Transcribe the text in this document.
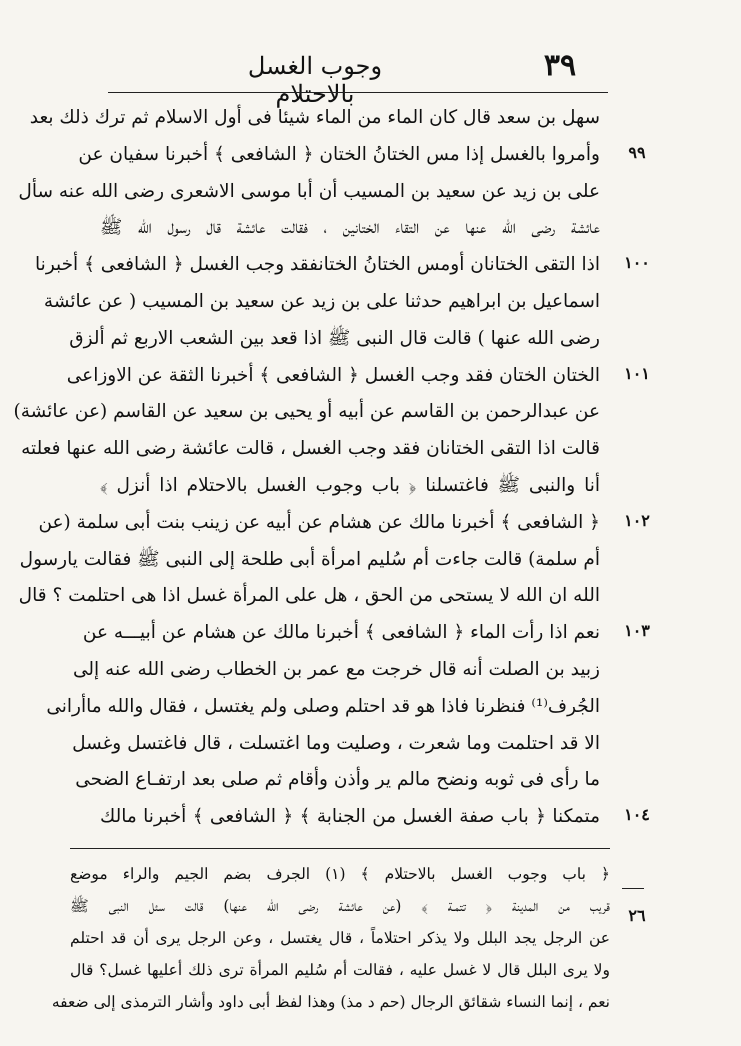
٣٩
وجوب الغسل بالاحتلام
٩٩
١٠٠
١٠١
١٠٢
١٠٣
١٠٤
سهل بن سعد قال كان الماء من الماء شيئا فى أول الاسلام ثم ترك ذلك بعد
وأمروا بالغسل إذا مس الختانُ الختان ﴿ الشافعى ﴾ أخبرنا سفيان عن
على بن زيد عن سعيد بن المسيب أن أبا موسى الاشعرى رضى الله عنه سأل
عائشة رضى الله عنها عن التقاء الختانين ، فقالت عائشة قال رسول الله ﷺ
اذا التقى الختانان أومس الختانُ الختانفقد وجب الغسل ﴿ الشافعى ﴾ أخبرنا
اسماعيل بن ابراهيم حدثنا على بن زيد عن سعيد بن المسيب ( عن عائشة
رضى الله عنها ) قالت قال النبى ﷺ اذا قعد بين الشعب الاربع ثم ألزق
الختان الختان فقد وجب الغسل ﴿ الشافعى ﴾ أخبرنا الثقة عن الاوزاعى
عن عبدالرحمن بن القاسم عن أبيه أو يحيى بن سعيد عن القاسم (عن عائشة)
قالت اذا التقى الختانان فقد وجب الغسل ، قالت عائشة رضى الله عنها فعلته
أنا والنبى ﷺ فاغتسلنا ﴿ باب وجوب الغسل بالاحتلام اذا أنزل ﴾
﴿ الشافعى ﴾ أخبرنا مالك عن هشام عن أبيه عن زينب بنت أبى سلمة (عن
أم سلمة) قالت جاءت أم سُليم امرأة أبى طلحة إلى النبى ﷺ فقالت يارسول
الله ان الله لا يستحى من الحق ، هل على المرأة غسل اذا هى احتلمت ؟ قال
نعم اذا رأت الماء ﴿ الشافعى ﴾ أخبرنا مالك عن هشام عن أبيـــه عن
زبيد بن الصلت أنه قال خرجت مع عمر بن الخطاب رضى الله عنه إلى
الجُرف⁽¹⁾ فنظرنا فاذا هو قد احتلم وصلى ولم يغتسل ، فقال والله ماأرانى
الا قد احتلمت وما شعرت ، وصليت وما اغتسلت ، قال فاغتسل وغسل
ما رأى فى ثوبه ونضح مالم ير وأذن وأقام ثم صلى بعد ارتفـاع الضحى
متمكنا ﴿ باب صفة الغسل من الجنابة ﴾ ﴿ الشافعى ﴾ أخبرنا مالك
٢٦
﴿ باب وجوب الغسل بالاحتلام ﴾ (١) الجرف بضم الجيم والراء موضع
قريب من المدينة ﴿ تتمـة ﴾ (عن عائشة رضى الله عنها) قالت سئل النبى ﷺ
عن الرجل يجد البلل ولا يذكر احتلاماً ، قال يغتسل ، وعن الرجل يرى أن قد احتلم
ولا يرى البلل قال لا غسل عليه ، فقالت أم سُليم المرأة ترى ذلك أعليها غسل؟ قال
نعم ، إنما النساء شقائق الرجال (حم د مذ) وهذا لفظ أبى داود وأشار الترمذى إلى ضعفه
